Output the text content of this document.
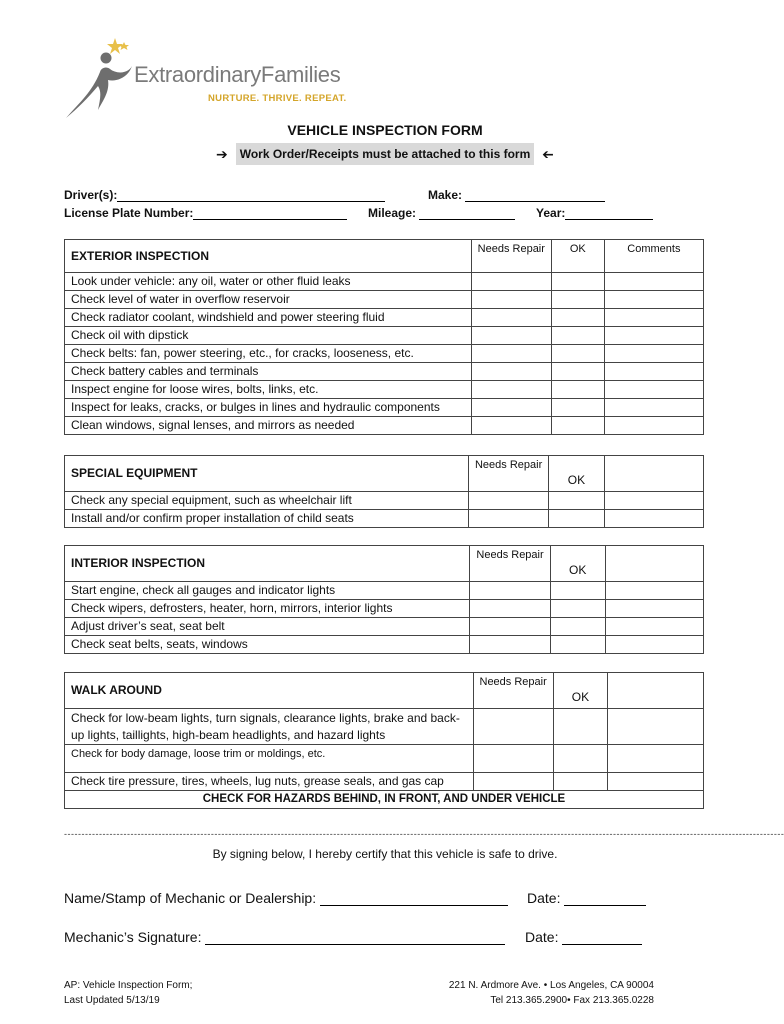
ExtraordinaryFamilies
NURTURE. THRIVE. REPEAT.
VEHICLE INSPECTION FORM
➔ Work Order/Receipts must be attached to this form ➔
Driver(s):	Make:
License Plate Number:	Mileage:	Year:
EXTERIOR INSPECTION	Needs Repair	OK	Comments
Look under vehicle: any oil, water or other fluid leaks			
Check level of water in overflow reservoir			
Check radiator coolant, windshield and power steering fluid			
Check oil with dipstick			
Check belts: fan, power steering, etc., for cracks, looseness, etc.			
Check battery cables and terminals			
Inspect engine for loose wires, bolts, links, etc.			
Inspect for leaks, cracks, or bulges in lines and hydraulic components			
Clean windows, signal lenses, and mirrors as needed			
SPECIAL EQUIPMENT	Needs Repair	OK	
Check any special equipment, such as wheelchair lift			
Install and/or confirm proper installation of child seats			
INTERIOR INSPECTION	Needs Repair	OK	
Start engine, check all gauges and indicator lights			
Check wipers, defrosters, heater, horn, mirrors, interior lights			
Adjust driver’s seat, seat belt			
Check seat belts, seats, windows			
WALK AROUND	Needs Repair	OK	
Check for low-beam lights, turn signals, clearance lights, brake and back-up lights, taillights, high-beam headlights, and hazard lights			
Check for body damage, loose trim or moldings, etc.			
Check tire pressure, tires, wheels, lug nuts, grease seals, and gas cap			
CHECK FOR HAZARDS BEHIND, IN FRONT, AND UNDER VEHICLE			
--------------------------------------------------------------------------------------------------------------------------------------------------------------------------------------------------------------
By signing below, I hereby certify that this vehicle is safe to drive.
Name/Stamp of Mechanic or Dealership:	Date:
Mechanic’s Signature:	Date:
AP: Vehicle Inspection Form;
Last Updated 5/13/19
221 N. Ardmore Ave. • Los Angeles, CA 90004
Tel 213.365.2900• Fax 213.365.0228
